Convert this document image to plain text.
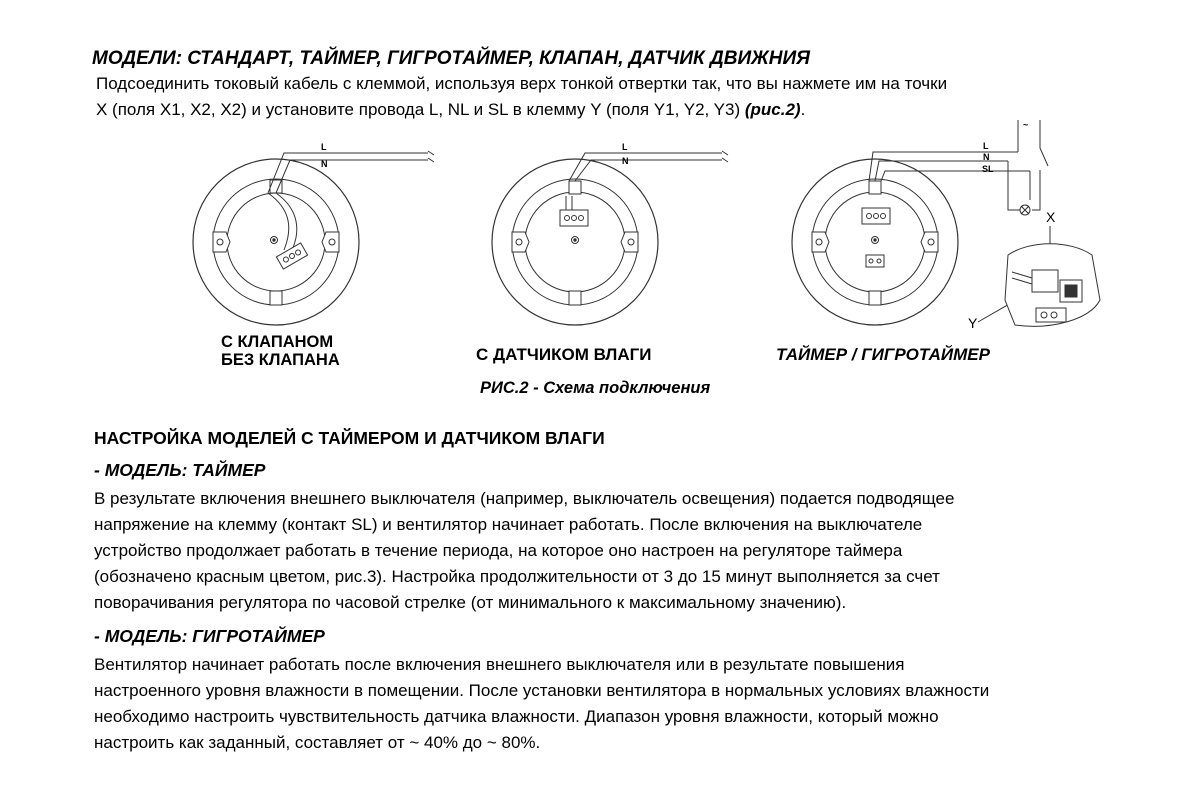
МОДЕЛИ: СТАНДАРТ, ТАЙМЕР, ГИГРОТАЙМЕР, КЛАПАН, ДАТЧИК ДВИЖНИЯ
Подсоединить токовый кабель с клеммой, используя верх тонкой отвертки так, что вы нажмете им на точки
X (поля X1, X2, X2) и установите провода L, NL и SL в клемму Y (поля Y1, Y2, Y3) (рис.2).
L
N
L
N
L
N
SL
~
X
Y
С КЛАПАНОМ
БЕЗ КЛАПАНА	С ДАТЧИКОМ ВЛАГИ	ТАЙМЕР / ГИГРОТАЙМЕР
РИС.2 - Схема подключения
НАСТРОЙКА МОДЕЛЕЙ С ТАЙМЕРОМ И ДАТЧИКОМ ВЛАГИ
- МОДЕЛЬ: ТАЙМЕР
В результате включения внешнего выключателя (например, выключатель освещения) подается подводящее
напряжение на клемму (контакт SL) и вентилятор начинает работать. После включения на выключателе
устройство продолжает работать в течение периода, на которое оно настроен на регуляторе таймера
(обозначено красным цветом, рис.3). Настройка продолжительности от 3 до 15 минут выполняется за счет
поворачивания регулятора по часовой стрелке (от минимального к максимальному значению).
- МОДЕЛЬ: ГИГРОТАЙМЕР
Вентилятор начинает работать после включения внешнего выключателя или в результате повышения
настроенного уровня влажности в помещении. После установки вентилятора в нормальных условиях влажности
необходимо настроить чувствительность датчика влажности. Диапазон уровня влажности, который можно
настроить как заданный, составляет от ~ 40% до ~ 80%.
